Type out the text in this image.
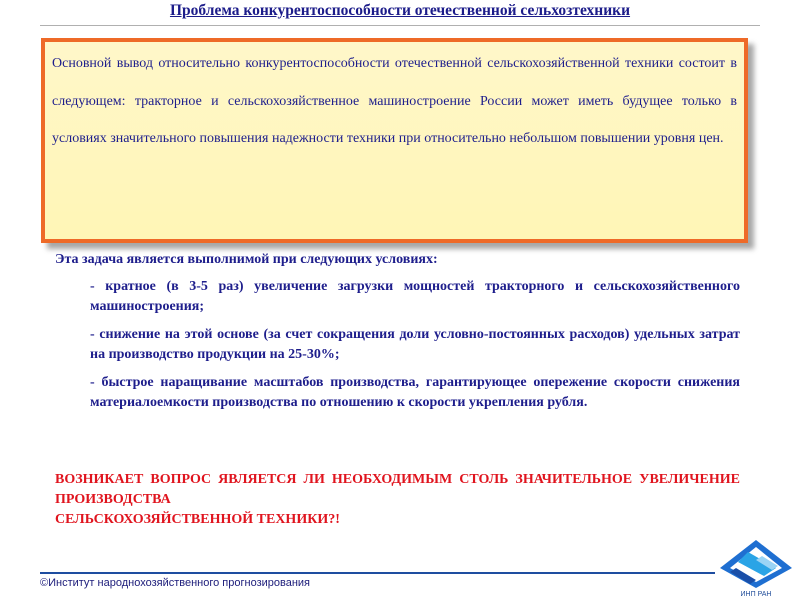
Проблема конкурентоспособности отечественной сельхозтехники

Основной вывод относительно конкурентоспособности отечественной сельскохозяйственной техники состоит в следующем: тракторное и сельскохозяйственное машиностроение России может иметь будущее только в условиях значительного повышения надежности техники при относительно небольшом повышении уровня цен.

Эта задача является выполнимой при следующих условиях:

- кратное (в 3-5 раз) увеличение загрузки мощностей тракторного и сельскохозяйственного машиностроения;
- снижение на этой основе (за счет сокращения доли условно-постоянных расходов) удельных затрат на производство продукции на 25-30%;
- быстрое наращивание масштабов производства, гарантирующее опережение скорости снижения материалоемкости производства по отношению к скорости укрепления рубля.

ВОЗНИКАЕТ ВОПРОС ЯВЛЯЕТСЯ ЛИ НЕОБХОДИМЫМ СТОЛЬ ЗНАЧИТЕЛЬНОЕ УВЕЛИЧЕНИЕ ПРОИЗВОДСТВА
СЕЛЬСКОХОЗЯЙСТВЕННОЙ ТЕХНИКИ?!

©Институт народнохозяйственного прогнозирования
ИНП РАН
